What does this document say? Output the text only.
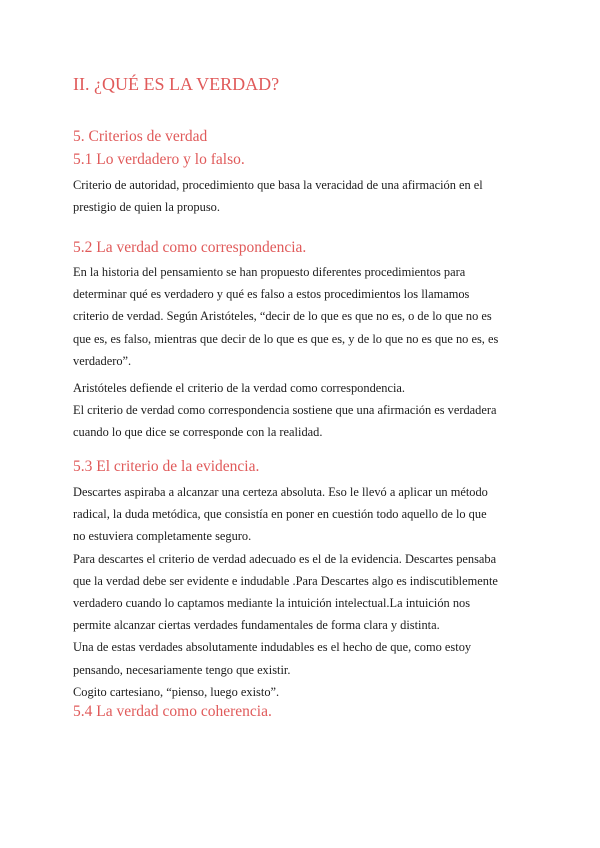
II. ¿QUÉ ES LA VERDAD?
5. Criterios de verdad
5.1 Lo verdadero y lo falso.

Criterio de autoridad, procedimiento que basa la veracidad de una afirmación en el
prestigio de quien la propuso.

5.2 La verdad como correspondencia.

En la historia del pensamiento se han propuesto diferentes procedimientos para
determinar qué es verdadero y qué es falso a estos procedimientos los llamamos
criterio de verdad. Según Aristóteles, “decir de lo que es que no es, o de lo que no es
que es, es falso, mientras que decir de lo que es que es, y de lo que no es que no es, es
verdadero”.

Aristóteles defiende el criterio de la verdad como correspondencia.
El criterio de verdad como correspondencia sostiene que una afirmación es verdadera
cuando lo que dice se corresponde con la realidad.

5.3 El criterio de la evidencia.

Descartes aspiraba a alcanzar una certeza absoluta. Eso le llevó a aplicar un método
radical, la duda metódica, que consistía en poner en cuestión todo aquello de lo que
no estuviera completamente seguro.
Para descartes el criterio de verdad adecuado es el de la evidencia. Descartes pensaba
que la verdad debe ser evidente e indudable .Para Descartes algo es indiscutiblemente
verdadero cuando lo captamos mediante la intuición intelectual.La intuición nos
permite alcanzar ciertas verdades fundamentales de forma clara y distinta.
Una de estas verdades absolutamente indudables es el hecho de que, como estoy
pensando, necesariamente tengo que existir.
Cogito cartesiano, “pienso, luego existo”.

5.4 La verdad como coherencia.
